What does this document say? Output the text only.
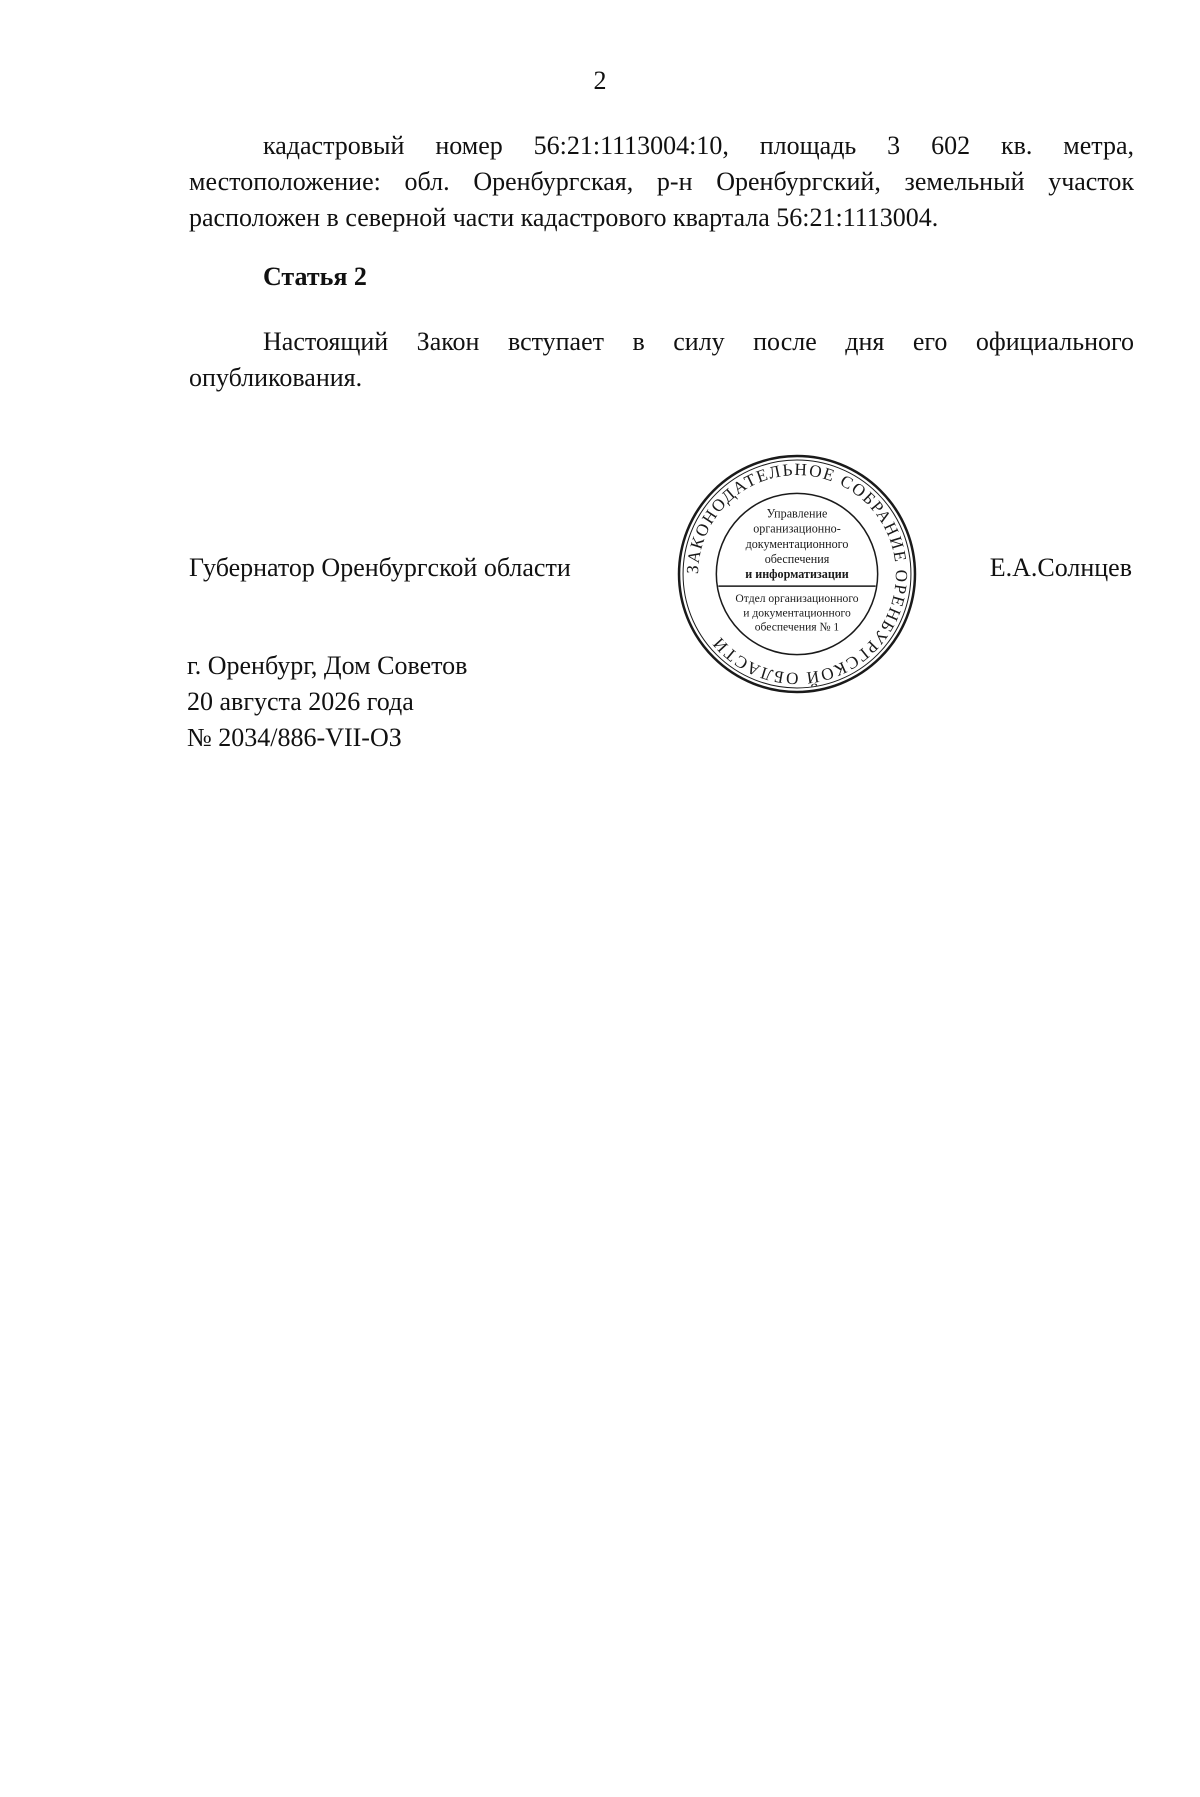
2

кадастровый номер 56:21:1113004:10, площадь 3 602 кв. метра, местоположение: обл. Оренбургская, р-н Оренбургский, земельный участок расположен в северной части кадастрового квартала 56:21:1113004.

Статья 2

Настоящий Закон вступает в силу после дня его официального опубликования.

Губернатор Оренбургской области	Е.А.Солнцев
ЗАКОНОДАТЕЛЬНОЕ СОБРАНИЕ ОРЕНБУРГСКОЙ ОБЛАСТИ
Управление
организационно-
документационного
обеспечения
и информатизации
Отдел организационного
и документационного
обеспечения № 1
г. Оренбург, Дом Советов
20 августа 2026 года
№ 2034/886-VII-ОЗ
